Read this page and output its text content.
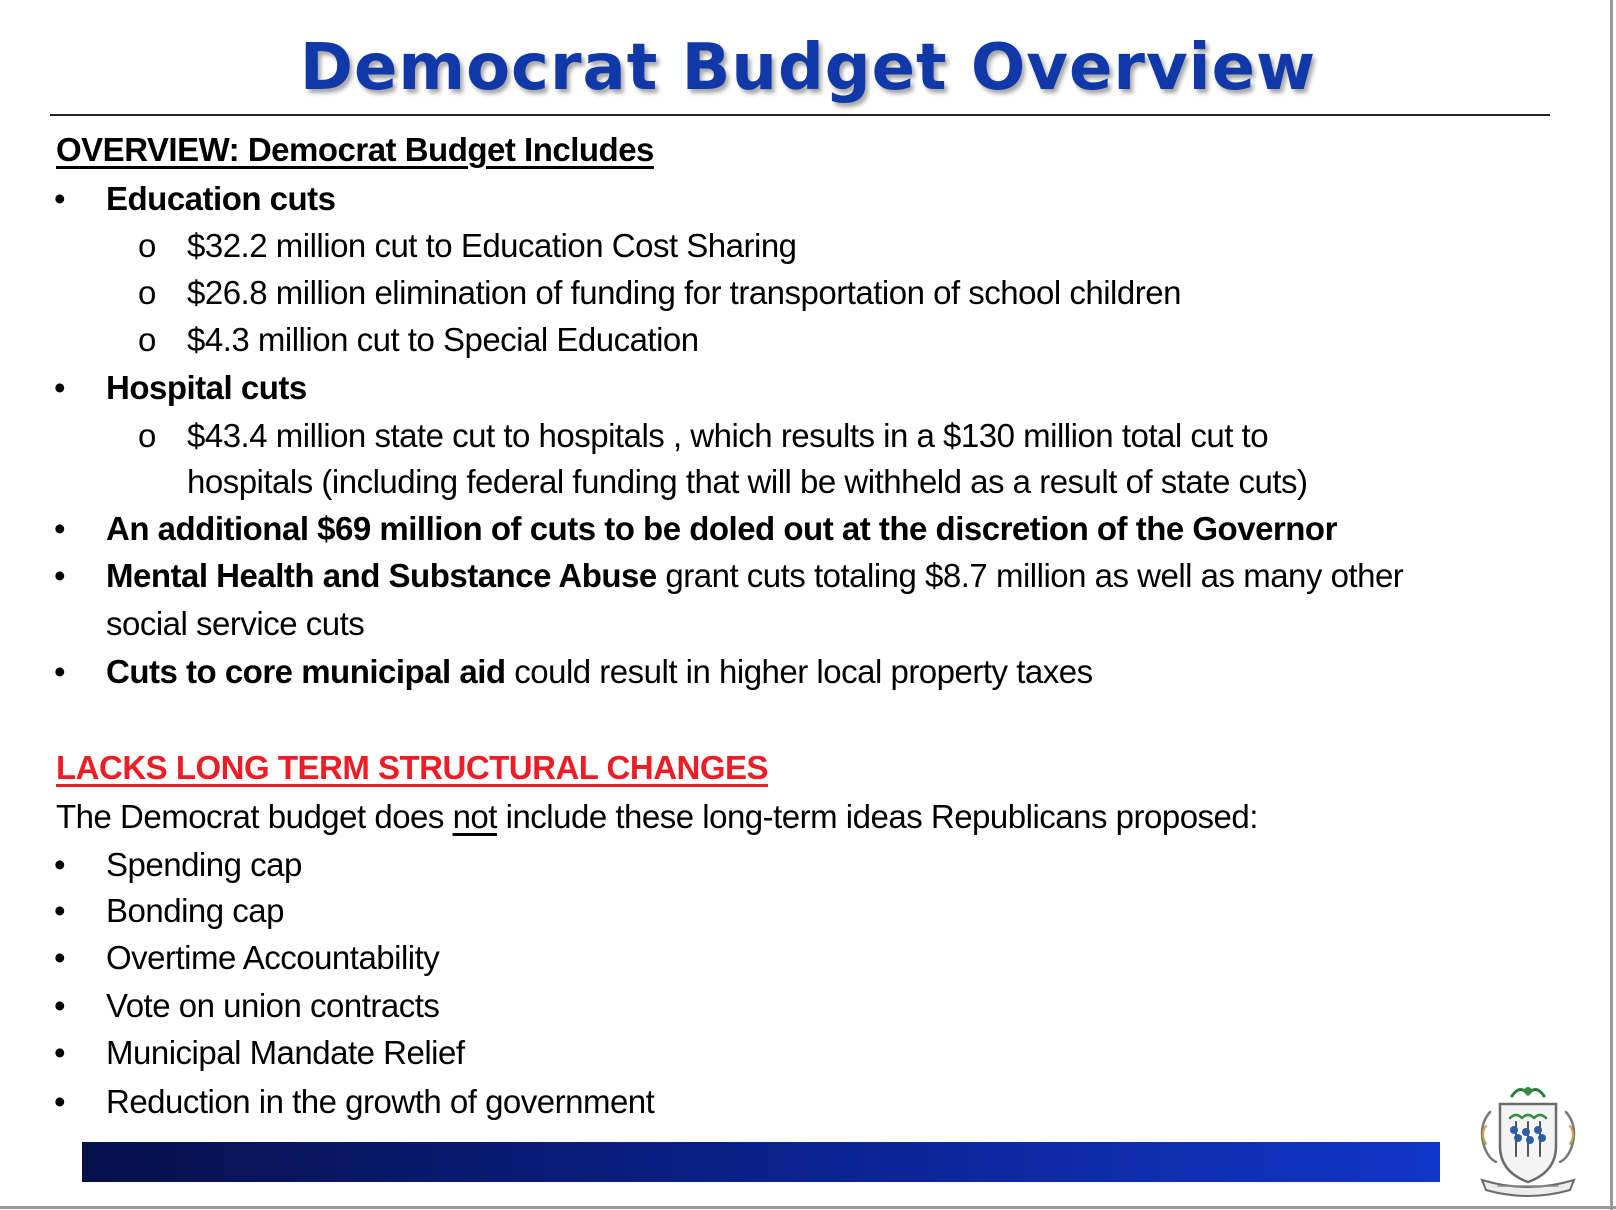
Democrat Budget Overview

OVERVIEW: Democrat Budget Includes

• Education cuts

o $32.2 million cut to Education Cost Sharing

o $26.8 million elimination of funding for transportation of school children

o $4.3 million cut to Special Education

• Hospital cuts

o $43.4 million state cut to hospitals , which results in a $130 million total cut to

hospitals (including federal funding that will be withheld as a result of state cuts)

• An additional $69 million of cuts to be doled out at the discretion of the Governor

• Mental Health and Substance Abuse grant cuts totaling $8.7 million as well as many other

social service cuts

• Cuts to core municipal aid could result in higher local property taxes

LACKS LONG TERM STRUCTURAL CHANGES

The Democrat budget does not include these long-term ideas Republicans proposed:

• Spending cap

• Bonding cap

• Overtime Accountability

• Vote on union contracts

• Municipal Mandate Relief

• Reduction in the growth of government
